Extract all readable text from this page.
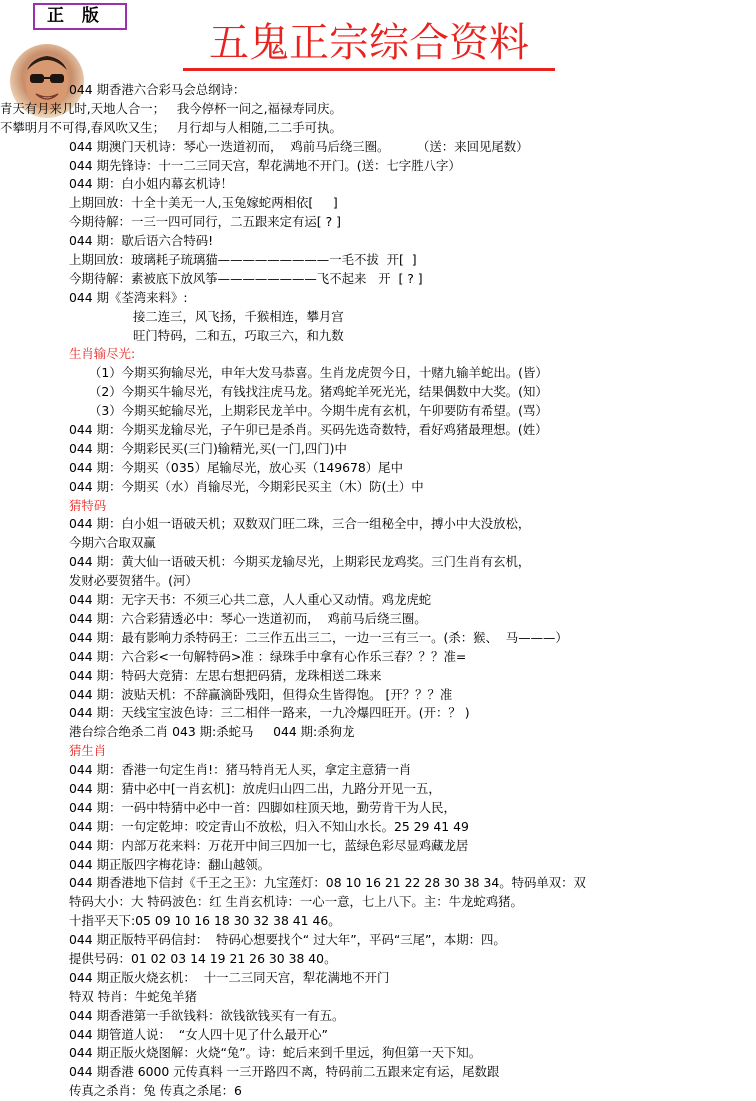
正 版
五鬼正宗综合资料
044 期香港六合彩马会总纲诗：
青天有月来几时,天地人合一；   我今停杯一问之,福禄寿同庆。
不攀明月不可得,春风吹又生；   月行却与人相随,二二手可执。
044 期澳门天机诗：琴心一迭道初而，  鸡前马后绕三圈。       （送：来回见尾数）
044 期先锋诗：十一二三同天宫，犁花满地不开门。(送：七字胜八字）
044 期：白小姐内幕玄机诗！
上期回放：十全十美无一人,玉兔嫁蛇两相依[     ]
今期待解：一三一四可同行，二五跟来定有运[ ? ]
044 期：歇后语六合特码!
上期回放：玻璃耗子琉璃猫—————————一毛不拔  开[  ]
今期待解：素被底下放风筝————————飞不起来   开  [ ? ]
044 期《荃湾来料》:
接二连三，风飞扬，千猴相连，攀月宫
旺门特码，二和五，巧取三六，和九数
生肖输尽光:
（1）今期买狗输尽光，申年大发马恭喜。生肖龙虎贺今日，十赌九输羊蛇出。(皆）
（2）今期买牛输尽光，有钱找注虎马龙。猪鸡蛇羊死光光，结果偶数中大奖。(知）
（3）今期买蛇输尽光，上期彩民龙羊中。今期牛虎有玄机，午卯要防有希望。(骂）
044 期：今期买龙输尽光，子午卯已是杀肖。买码先选奇数特，看好鸡猪最理想。(姓）
044 期：今期彩民买(三门)输精光,买(一门,四门)中
044 期：今期买（035）尾输尽光，放心买（149678）尾中
044 期：今期买（水）肖输尽光，今期彩民买主（木）防(土）中
猜特码
044 期：白小姐一语破天机；双数双门旺二珠，三合一组秘全中，搏小中大没放松，
今期六合取双赢
044 期：黄大仙一语破天机：今期买龙输尽光，上期彩民龙鸡奖。三门生肖有玄机，
发财必要贺猪牛。(河）
044 期：无字天书：不须三心共二意，人人重心又动情。鸡龙虎蛇
044 期：六合彩猜透必中：琴心一迭道初而，  鸡前马后绕三圈。
044 期：最有影响力杀特码王：二三作五出三二，一边一三有三一。(杀：猴、  马———）
044 期：六合彩<一句解特码>准 ：绿珠手中拿有心作乐三春？？？准=
044 期：特码大竞猜：左思右想把码猜，龙珠相送二珠来
044 期：波贴天机：不辞赢滴卧残阳，但得众生皆得饱。 [开？？？准
044 期：天线宝宝波色诗：三二相伴一路来，一九冷爆四旺开。(开：？ )
港台综合绝杀二肖 043 期:杀蛇马     044 期:杀狗龙
猜生肖
044 期：香港一句定生肖!：猪马特肖无人买，拿定主意猜一肖
044 期：猜中必中[一肖玄机]：放虎归山四二出，九路分开见一五，
044 期：一码中特猜中必中一首：四脚如柱顶天地，勤劳肯干为人民，
044 期：一句定乾坤：咬定青山不放松，归入不知山水长。25 29 41 49
044 期：内部万花来料：万花开中间三四加一七，蓝绿色彩尽显鸡藏龙居
044 期正版四字梅花诗：翻山越领。
044 期香港地下信封《千王之王》：九宝莲灯：08 10 16 21 22 28 30 38 34。特码单双：双
特码大小：大 特码波色：红 生肖玄机诗：一心一意，七上八下。主：牛龙蛇鸡猪。
十指平天下:05 09 10 16 18 30 32 38 41 46。
044 期正版特平码信封：  特码心想要找个“ 过大年”，平码“三尾”，本期：四。
提供号码：01 02 03 14 19 21 26 30 38 40。
044 期正版火烧玄机：  十一二三同天宫，犁花满地不开门
特双 特肖：牛蛇兔羊猪
044 期香港第一手欲钱料：欲钱欲钱买有一有五。
044 期管道人说：  “女人四十见了什么最开心”
044 期正版火烧图解：火烧“兔”。诗：蛇后来到千里远，狗但第一天下知。
044 期香港 6000 元传真料 一三开路四不离，特码前二五跟来定有运，尾数跟
传真之杀肖：兔 传真之杀尾：6
